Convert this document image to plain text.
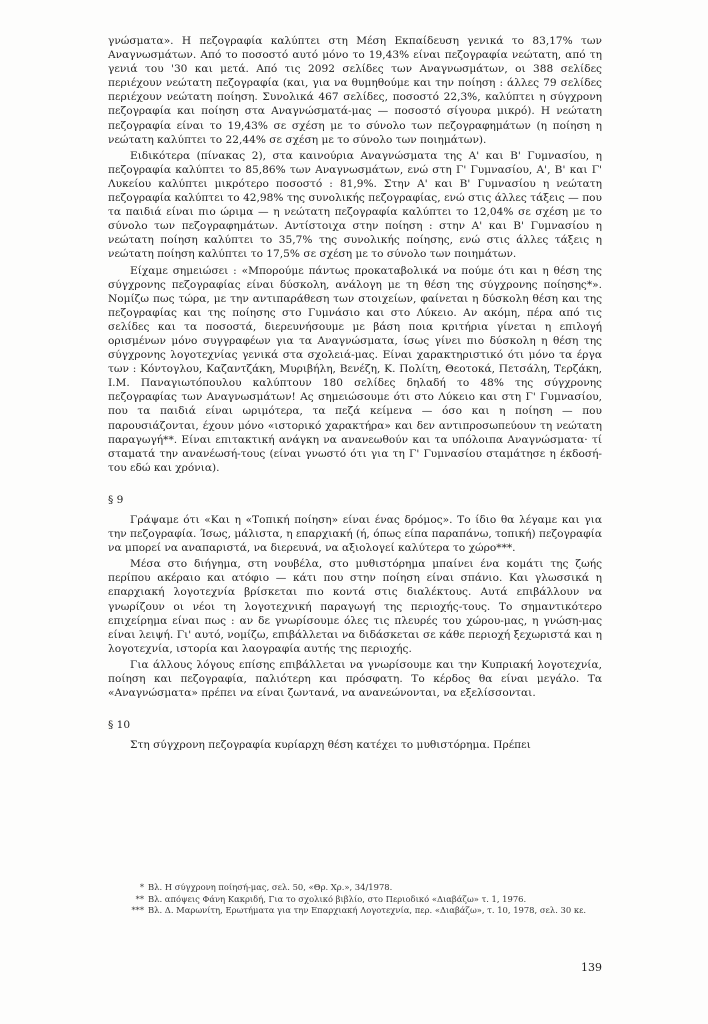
γνώσματα». Η πεζογραφία καλύπτει στη Μέση Εκπαίδευση γενικά το 83,17% των Αναγνωσμάτων. Από το ποσοστό αυτό μόνο το 19,43% είναι πεζογραφία νεώτατη, από τη γενιά του '30 και μετά. Από τις 2092 σελίδες των Αναγνωσμάτων, οι 388 σελίδες περιέχουν νεώτατη πεζογραφία (και, για να θυμηθούμε και την ποίηση : άλλες 79 σελίδες περιέχουν νεώτατη ποίηση. Συνολικά 467 σελίδες, ποσοστό 22,3%, καλύπτει η σύγχρονη πεζογραφία και ποίηση στα Αναγνώσματά-μας — ποσοστό σίγουρα μικρό). Η νεώτατη πεζογραφία είναι το 19,43% σε σχέση με το σύνολο των πεζογραφημάτων (η ποίηση η νεώτατη καλύπτει το 22,44% σε σχέση με το σύνολο των ποιημάτων).

Ειδικότερα (πίνακας 2), στα καινούρια Αναγνώσματα της Α' και Β' Γυμνασίου, η πεζογραφία καλύπτει το 85,86% των Αναγνωσμάτων, ενώ στη Γ' Γυμνασίου, Α', Β' και Γ' Λυκείου καλύπτει μικρότερο ποσοστό : 81,9%. Στην Α' και Β' Γυμνασίου η νεώτατη πεζογραφία καλύπτει το 42,98% της συνολικής πεζογραφίας, ενώ στις άλλες τάξεις — που τα παιδιά είναι πιο ώριμα — η νεώτατη πεζογραφία καλύπτει το 12,04% σε σχέση με το σύνολο των πεζογραφημάτων. Αντίστοιχα στην ποίηση : στην Α' και Β' Γυμνασίου η νεώτατη ποίηση καλύπτει το 35,7% της συνολικής ποίησης, ενώ στις άλλες τάξεις η νεώτατη ποίηση καλύπτει το 17,5% σε σχέση με το σύνολο των ποιημάτων.

Είχαμε σημειώσει : «Μπορούμε πάντως προκαταβολικά να πούμε ότι και η θέση της σύγχρονης πεζογραφίας είναι δύσκολη, ανάλογη με τη θέση της σύγχρονης ποίησης*». Νομίζω πως τώρα, με την αντιπαράθεση των στοιχείων, φαίνεται η δύσκολη θέση και της πεζογραφίας και της ποίησης στο Γυμνάσιο και στο Λύκειο. Αν ακόμη, πέρα από τις σελίδες και τα ποσοστά, διερευνήσουμε με βάση ποια κριτήρια γίνεται η επιλογή ορισμένων μόνο συγγραφέων για τα Αναγνώσματα, ίσως γίνει πιο δύσκολη η θέση της σύγχρονης λογοτεχνίας γενικά στα σχολειά-μας. Είναι χαρακτηριστικό ότι μόνο τα έργα των : Κόντογλου, Καζαντζάκη, Μυριβήλη, Βενέζη, Κ. Πολίτη, Θεοτοκά, Πετσάλη, Τερζάκη, Ι.Μ. Παναγιωτόπουλου καλύπτουν 180 σελίδες δηλαδή το 48% της σύγχρονης πεζογραφίας των Αναγνωσμάτων! Ας σημειώσουμε ότι στο Λύκειο και στη Γ' Γυμνασίου, που τα παιδιά είναι ωριμότερα, τα πεζά κείμενα — όσο και η ποίηση — που παρουσιάζονται, έχουν μόνο «ιστορικό χαρακτήρα» και δεν αντιπροσωπεύουν τη νεώτατη παραγωγή**. Είναι επιτακτική ανάγκη να ανανεωθούν και τα υπόλοιπα Αναγνώσματα· τί σταματά την ανανέωσή-τους (είναι γνωστό ότι για τη Γ' Γυμνασίου σταμάτησε η έκδοσή-του εδώ και χρόνια).

§ 9

Γράψαμε ότι «Και η «Τοπική ποίηση» είναι ένας δρόμος». Το ίδιο θα λέγαμε και για την πεζογραφία. Ίσως, μάλιστα, η επαρχιακή (ή, όπως είπα παραπάνω, τοπική) πεζογραφία να μπορεί να αναπαριστά, να διερευνά, να αξιολογεί καλύτερα το χώρο***.

Μέσα στο διήγημα, στη νουβέλα, στο μυθιστόρημα μπαίνει ένα κομάτι της ζωής περίπου ακέραιο και ατόφιο — κάτι που στην ποίηση είναι σπάνιο. Και γλωσσικά η επαρχιακή λογοτεχνία βρίσκεται πιο κοντά στις διαλέκτους. Αυτά επιβάλλουν να γνωρίζουν οι νέοι τη λογοτεχνική παραγωγή της περιοχής-τους. Το σημαντικότερο επιχείρημα είναι πως : αν δε γνωρίσουμε όλες τις πλευρές του χώρου-μας, η γνώση-μας είναι λειψή. Γι' αυτό, νομίζω, επιβάλλεται να διδάσκεται σε κάθε περιοχή ξεχωριστά και η λογοτεχνία, ιστορία και λαογραφία αυτής της περιοχής.

Για άλλους λόγους επίσης επιβάλλεται να γνωρίσουμε και την Κυπριακή λογοτεχνία, ποίηση και πεζογραφία, παλιότερη και πρόσφατη. Το κέρδος θα είναι μεγάλο. Τα «Αναγνώσματα» πρέπει να είναι ζωντανά, να ανανεώνονται, να εξελίσσονται.

§ 10

Στη σύγχρονη πεζογραφία κυρίαρχη θέση κατέχει το μυθιστόρημα. Πρέπει

* Βλ. Η σύγχρονη ποίησή-μας, σελ. 50, «Θρ. Χρ.», 34/1978.

** Βλ. απόψεις Φάνη Κακριδή, Για το σχολικό βιβλίο, στο Περιοδικό «Διαβάζω» τ. 1, 1976.

*** Βλ. Δ. Μαρωνίτη, Ερωτήματα για την Επαρχιακή Λογοτεχνία, περ. «Διαβάζω», τ. 10, 1978, σελ. 30 κε.

139
